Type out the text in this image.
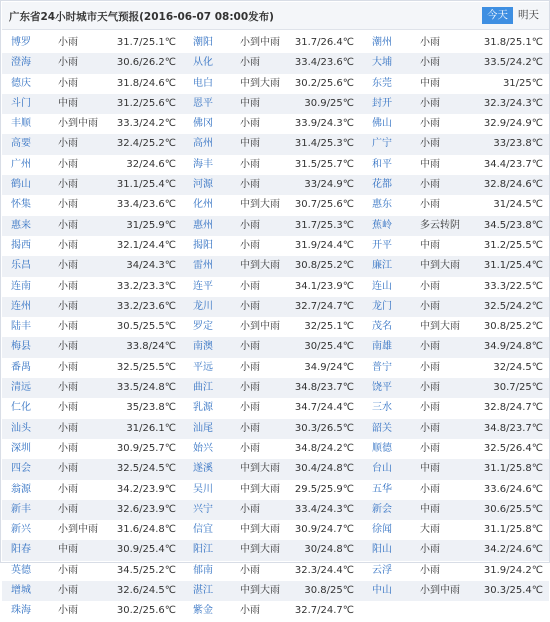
广东省24小时城市天气预报(2016-06-07 08:00发布)	今天 明天
博罗	小雨	31.7/25.1℃ 潮阳	小到中雨 31.7/26.4℃ 潮州	小雨	31.8/25.1℃
澄海	小雨	30.6/26.2℃ 从化	小雨	33.4/23.6℃ 大埔	小雨	33.5/24.2℃
德庆	小雨	31.8/24.6℃ 电白	中到大雨 30.2/25.6℃ 东莞	中雨	31/25℃
斗门	中雨	31.2/25.6℃ 恩平	中雨	30.9/25℃ 封开	小雨	32.3/24.3℃
丰顺	小到中雨 33.3/24.2℃ 佛冈	小雨	33.9/24.3℃ 佛山	小雨	32.9/24.9℃
高要	小雨	32.4/25.2℃ 高州	中雨	31.4/25.3℃ 广宁	小雨	33/23.8℃
广州	小雨	32/24.6℃ 海丰	小雨	31.5/25.7℃ 和平	中雨	34.4/23.7℃
鹤山	小雨	31.1/25.4℃ 河源	小雨	33/24.9℃ 花都	小雨	32.8/24.6℃
怀集	小雨	33.4/23.6℃ 化州	中到大雨 30.7/25.6℃ 惠东	小雨	31/24.5℃
惠来	小雨	31/25.9℃ 惠州	小雨	31.7/25.3℃ 蕉岭	多云转阴 34.5/23.8℃
揭西	小雨	32.1/24.4℃ 揭阳	小雨	31.9/24.4℃ 开平	中雨	31.2/25.5℃
乐昌	小雨	34/24.3℃ 雷州	中到大雨 30.8/25.2℃ 廉江	中到大雨 31.1/25.4℃
连南	小雨	33.2/23.3℃ 连平	小雨	34.1/23.9℃ 连山	小雨	33.3/22.5℃
连州	小雨	33.2/23.6℃ 龙川	小雨	32.7/24.7℃ 龙门	小雨	32.5/24.2℃
陆丰	小雨	30.5/25.5℃ 罗定	小到中雨 32/25.1℃ 茂名	中到大雨 30.8/25.2℃
梅县	小雨	33.8/24℃ 南澳	小雨	30/25.4℃ 南雄	小雨	34.9/24.8℃
番禺	小雨	32.5/25.5℃ 平远	小雨	34.9/24℃ 普宁	小雨	32/24.5℃
清远	小雨	33.5/24.8℃ 曲江	小雨	34.8/23.7℃ 饶平	小雨	30.7/25℃
仁化	小雨	35/23.8℃ 乳源	小雨	34.7/24.4℃ 三水	小雨	32.8/24.7℃
汕头	小雨	31/26.1℃ 汕尾	小雨	30.3/26.5℃ 韶关	小雨	34.8/23.7℃
深圳	小雨	30.9/25.7℃ 始兴	小雨	34.8/24.2℃ 顺德	小雨	32.5/26.4℃
四会	小雨	32.5/24.5℃ 遂溪	中到大雨 30.4/24.8℃ 台山	中雨	31.1/25.8℃
翁源	小雨	34.2/23.9℃ 吴川	中到大雨 29.5/25.9℃ 五华	小雨	33.6/24.6℃
新丰	小雨	32.6/23.9℃ 兴宁	小雨	33.4/24.3℃ 新会	中雨	30.6/25.5℃
新兴	小到中雨 31.6/24.8℃ 信宜	中到大雨 30.9/24.7℃ 徐闻	大雨	31.1/25.8℃
阳春	中雨	30.9/25.4℃ 阳江	中到大雨 30/24.8℃ 阳山	小雨	34.2/24.6℃
英德	小雨	34.5/25.2℃ 郁南	小雨	32.3/24.4℃ 云浮	小雨	31.9/24.2℃
增城	小雨	32.6/24.5℃ 湛江	中到大雨 30.8/25℃ 中山	小到中雨 30.3/25.4℃
珠海	小雨	30.2/25.6℃ 紫金	小雨	32.7/24.7℃
